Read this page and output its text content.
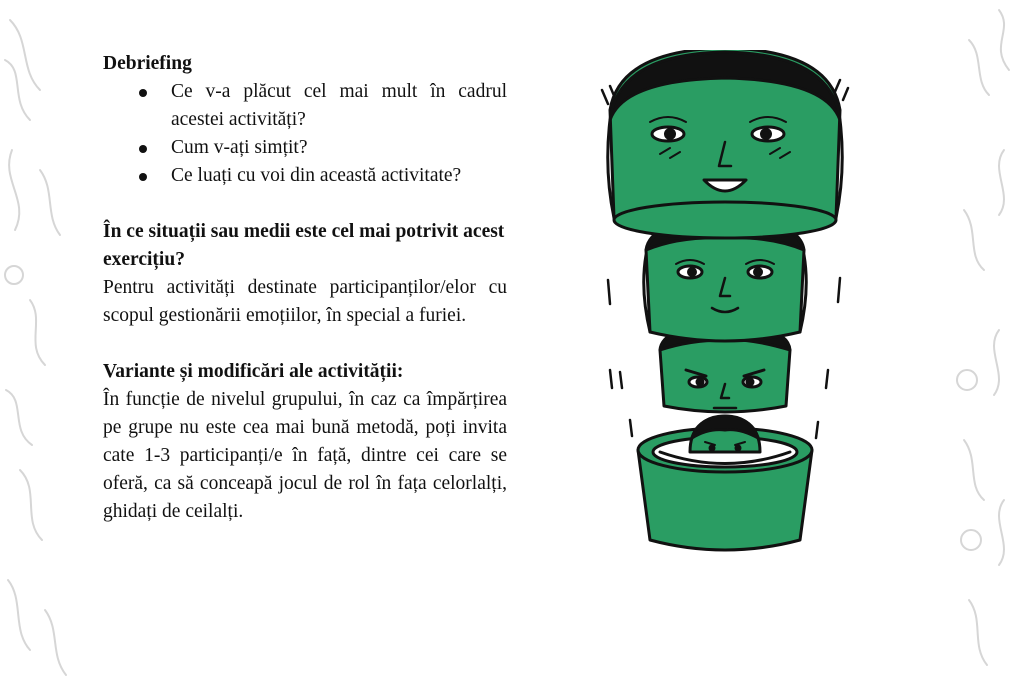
Debriefing

Ce v-a plăcut cel mai mult în cadrul acestei activități?
Cum v-ați simțit?
Ce luați cu voi din această activitate?

În ce situații sau medii este cel mai potrivit acest exercițiu?

Pentru activități destinate participanților/elor cu scopul gestionării emoțiilor, în special a furiei.

Variante și modificări ale activității:

În funcție de nivelul grupului, în caz ca împărțirea pe grupe nu este cea mai bună metodă, poți invita cate 1-3 participanți/e în față, dintre cei care se oferă, ca să conceapă jocul de rol în fața celorlalți, ghidați de ceilalți.
